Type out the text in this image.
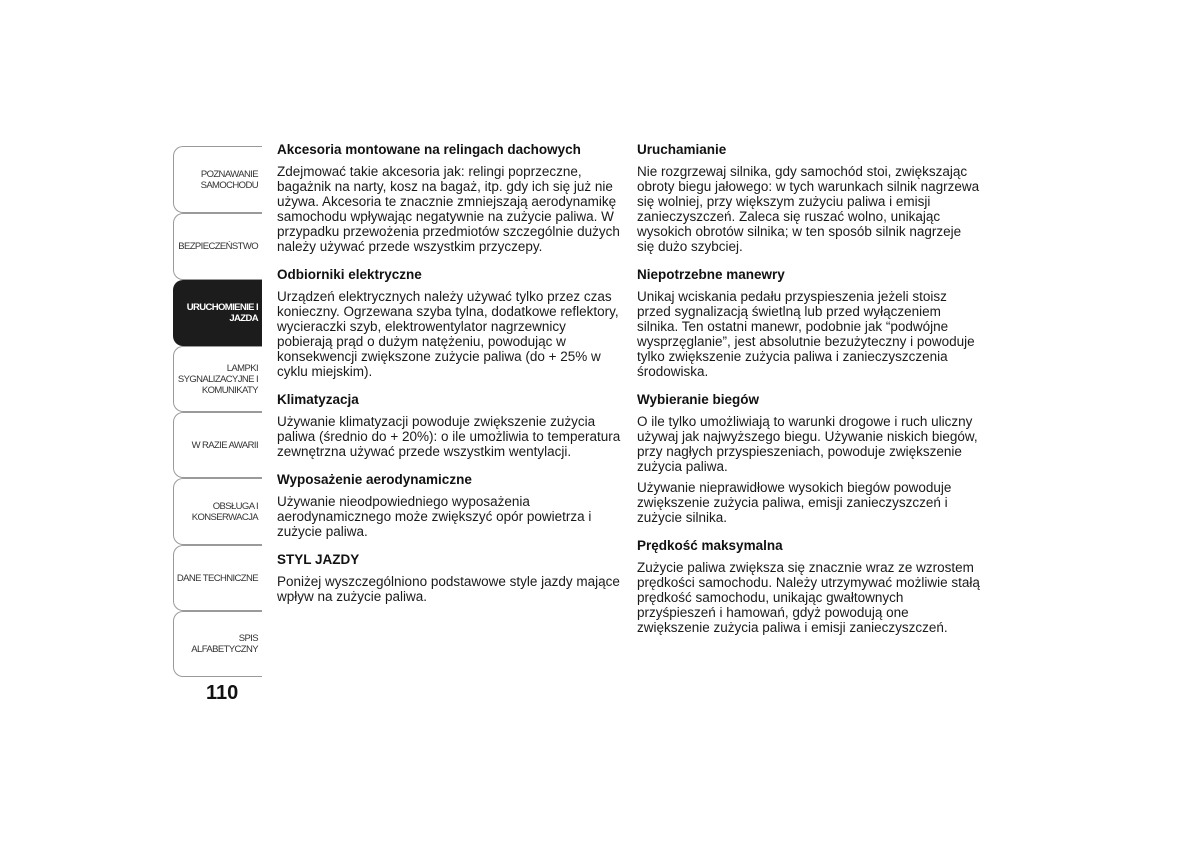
POZNAWANIE
SAMOCHODU
BEZPIECZEŃSTWO
URUCHOMIENIE I
JAZDA
LAMPKI
SYGNALIZACYJNE I
KOMUNIKATY
W RAZIE AWARII
OBSŁUGA I
KONSERWACJA
DANE TECHNICZNE
SPIS ALFABETYCZNY
110
Akcesoria montowane na relingach dachowych

Zdejmować takie akcesoria jak: relingi poprzeczne, bagażnik na narty, kosz na bagaż, itp. gdy ich się już nie używa. Akcesoria te znacznie zmniejszają aerodynamikę samochodu wpływając negatywnie na zużycie paliwa. W przypadku przewożenia przedmiotów szczególnie dużych należy używać przede wszystkim przyczepy.

Odbiorniki elektryczne

Urządzeń elektrycznych należy używać tylko przez czas konieczny. Ogrzewana szyba tylna, dodatkowe reflektory, wycieraczki szyb, elektrowentylator nagrzewnicy pobierają prąd o dużym natężeniu, powodując w konsekwencji zwiększone zużycie paliwa (do + 25% w cyklu miejskim).

Klimatyzacja

Używanie klimatyzacji powoduje zwiększenie zużycia paliwa (średnio do + 20%): o ile umożliwia to temperatura zewnętrzna używać przede wszystkim wentylacji.

Wyposażenie aerodynamiczne

Używanie nieodpowiedniego wyposażenia aerodynamicznego może zwiększyć opór powietrza i zużycie paliwa.

STYL JAZDY

Poniżej wyszczególniono podstawowe style jazdy mające wpływ na zużycie paliwa.

Uruchamianie

Nie rozgrzewaj silnika, gdy samochód stoi, zwiększając obroty biegu jałowego: w tych warunkach silnik nagrzewa się wolniej, przy większym zużyciu paliwa i emisji zanieczyszczeń. Zaleca się ruszać wolno, unikając wysokich obrotów silnika; w ten sposób silnik nagrzeje się dużo szybciej.

Niepotrzebne manewry

Unikaj wciskania pedału przyspieszenia jeżeli stoisz przed sygnalizacją świetlną lub przed wyłączeniem silnika. Ten ostatni manewr, podobnie jak “podwójne wysprzęglanie”, jest absolutnie bezużyteczny i powoduje tylko zwiększenie zużycia paliwa i zanieczyszczenia środowiska.

Wybieranie biegów

O ile tylko umożliwiają to warunki drogowe i ruch uliczny używaj jak najwyższego biegu. Używanie niskich biegów, przy nagłych przyspieszeniach, powoduje zwiększenie zużycia paliwa.

Używanie nieprawidłowe wysokich biegów powoduje zwiększenie zużycia paliwa, emisji zanieczyszczeń i zużycie silnika.

Prędkość maksymalna

Zużycie paliwa zwiększa się znacznie wraz ze wzrostem prędkości samochodu. Należy utrzymywać możliwie stałą prędkość samochodu, unikając gwałtownych przyśpieszeń i hamowań, gdyż powodują one zwiększenie zużycia paliwa i emisji zanieczyszczeń.
